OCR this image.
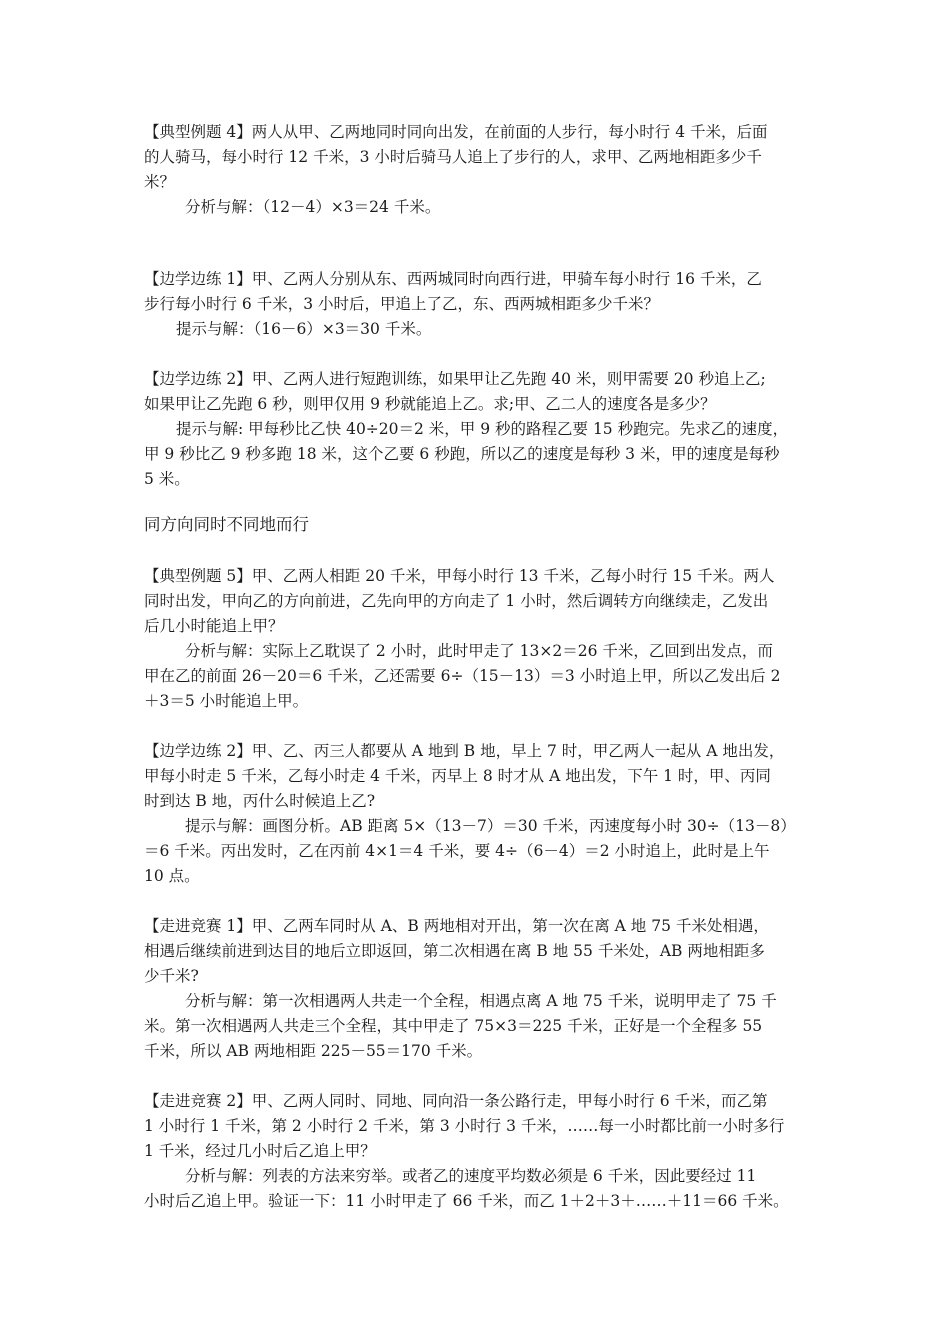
【典型例题 4】两人从甲、乙两地同时同向出发，在前面的人步行，每小时行 4 千米，后面
的人骑马，每小时行 12 千米，3 小时后骑马人追上了步行的人，求甲、乙两地相距多少千
米？
分析与解：（12－4）×3＝24 千米。
【边学边练 1】甲、乙两人分别从东、西两城同时向西行进，甲骑车每小时行 16 千米，乙
步行每小时行 6 千米，3 小时后，甲追上了乙，东、西两城相距多少千米？
提示与解：（16－6）×3＝30 千米。
【边学边练 2】甲、乙两人进行短跑训练，如果甲让乙先跑 40 米，则甲需要 20 秒追上乙;
如果甲让乙先跑 6 秒，则甲仅用 9 秒就能追上乙。求;甲、乙二人的速度各是多少？
提示与解: 甲每秒比乙快 40÷20＝2 米，甲 9 秒的路程乙要 15 秒跑完。先求乙的速度，
甲 9 秒比乙 9 秒多跑 18 米，这个乙要 6 秒跑，所以乙的速度是每秒 3 米，甲的速度是每秒
5 米。
同方向同时不同地而行
【典型例题 5】甲、乙两人相距 20 千米，甲每小时行 13 千米，乙每小时行 15 千米。两人
同时出发，甲向乙的方向前进，乙先向甲的方向走了 1 小时，然后调转方向继续走，乙发出
后几小时能追上甲？
分析与解：实际上乙耽误了 2 小时，此时甲走了 13×2＝26 千米，乙回到出发点，而
甲在乙的前面 26－20＝6 千米，乙还需要 6÷（15－13）＝3 小时追上甲，所以乙发出后 2
＋3＝5 小时能追上甲。
【边学边练 2】甲、乙、丙三人都要从 A 地到 B 地，早上 7 时，甲乙两人一起从 A 地出发，
甲每小时走 5 千米，乙每小时走 4 千米，丙早上 8 时才从 A 地出发，下午 1 时，甲、丙同
时到达 B 地，丙什么时候追上乙?
提示与解：画图分析。AB 距离 5×（13－7）＝30 千米，丙速度每小时 30÷（13－8）
＝6 千米。丙出发时，乙在丙前 4×1＝4 千米，要 4÷（6－4）＝2 小时追上，此时是上午
10 点。
【走进竞赛 1】甲、乙两车同时从 A、B 两地相对开出，第一次在离 A 地 75 千米处相遇，
相遇后继续前进到达目的地后立即返回，第二次相遇在离 B 地 55 千米处，AB 两地相距多
少千米?
分析与解：第一次相遇两人共走一个全程，相遇点离 A 地 75 千米，说明甲走了 75 千
米。第一次相遇两人共走三个全程，其中甲走了 75×3＝225 千米，正好是一个全程多 55
千米，所以 AB 两地相距 225－55＝170 千米。
【走进竞赛 2】甲、乙两人同时、同地、同向沿一条公路行走，甲每小时行 6 千米，而乙第
1 小时行 1 千米，第 2 小时行 2 千米，第 3 小时行 3 千米，……每一小时都比前一小时多行
1 千米，经过几小时后乙追上甲？
分析与解：列表的方法来穷举。或者乙的速度平均数必须是 6 千米，因此要经过 11
小时后乙追上甲。验证一下：11 小时甲走了 66 千米，而乙 1＋2＋3＋……＋11＝66 千米。
